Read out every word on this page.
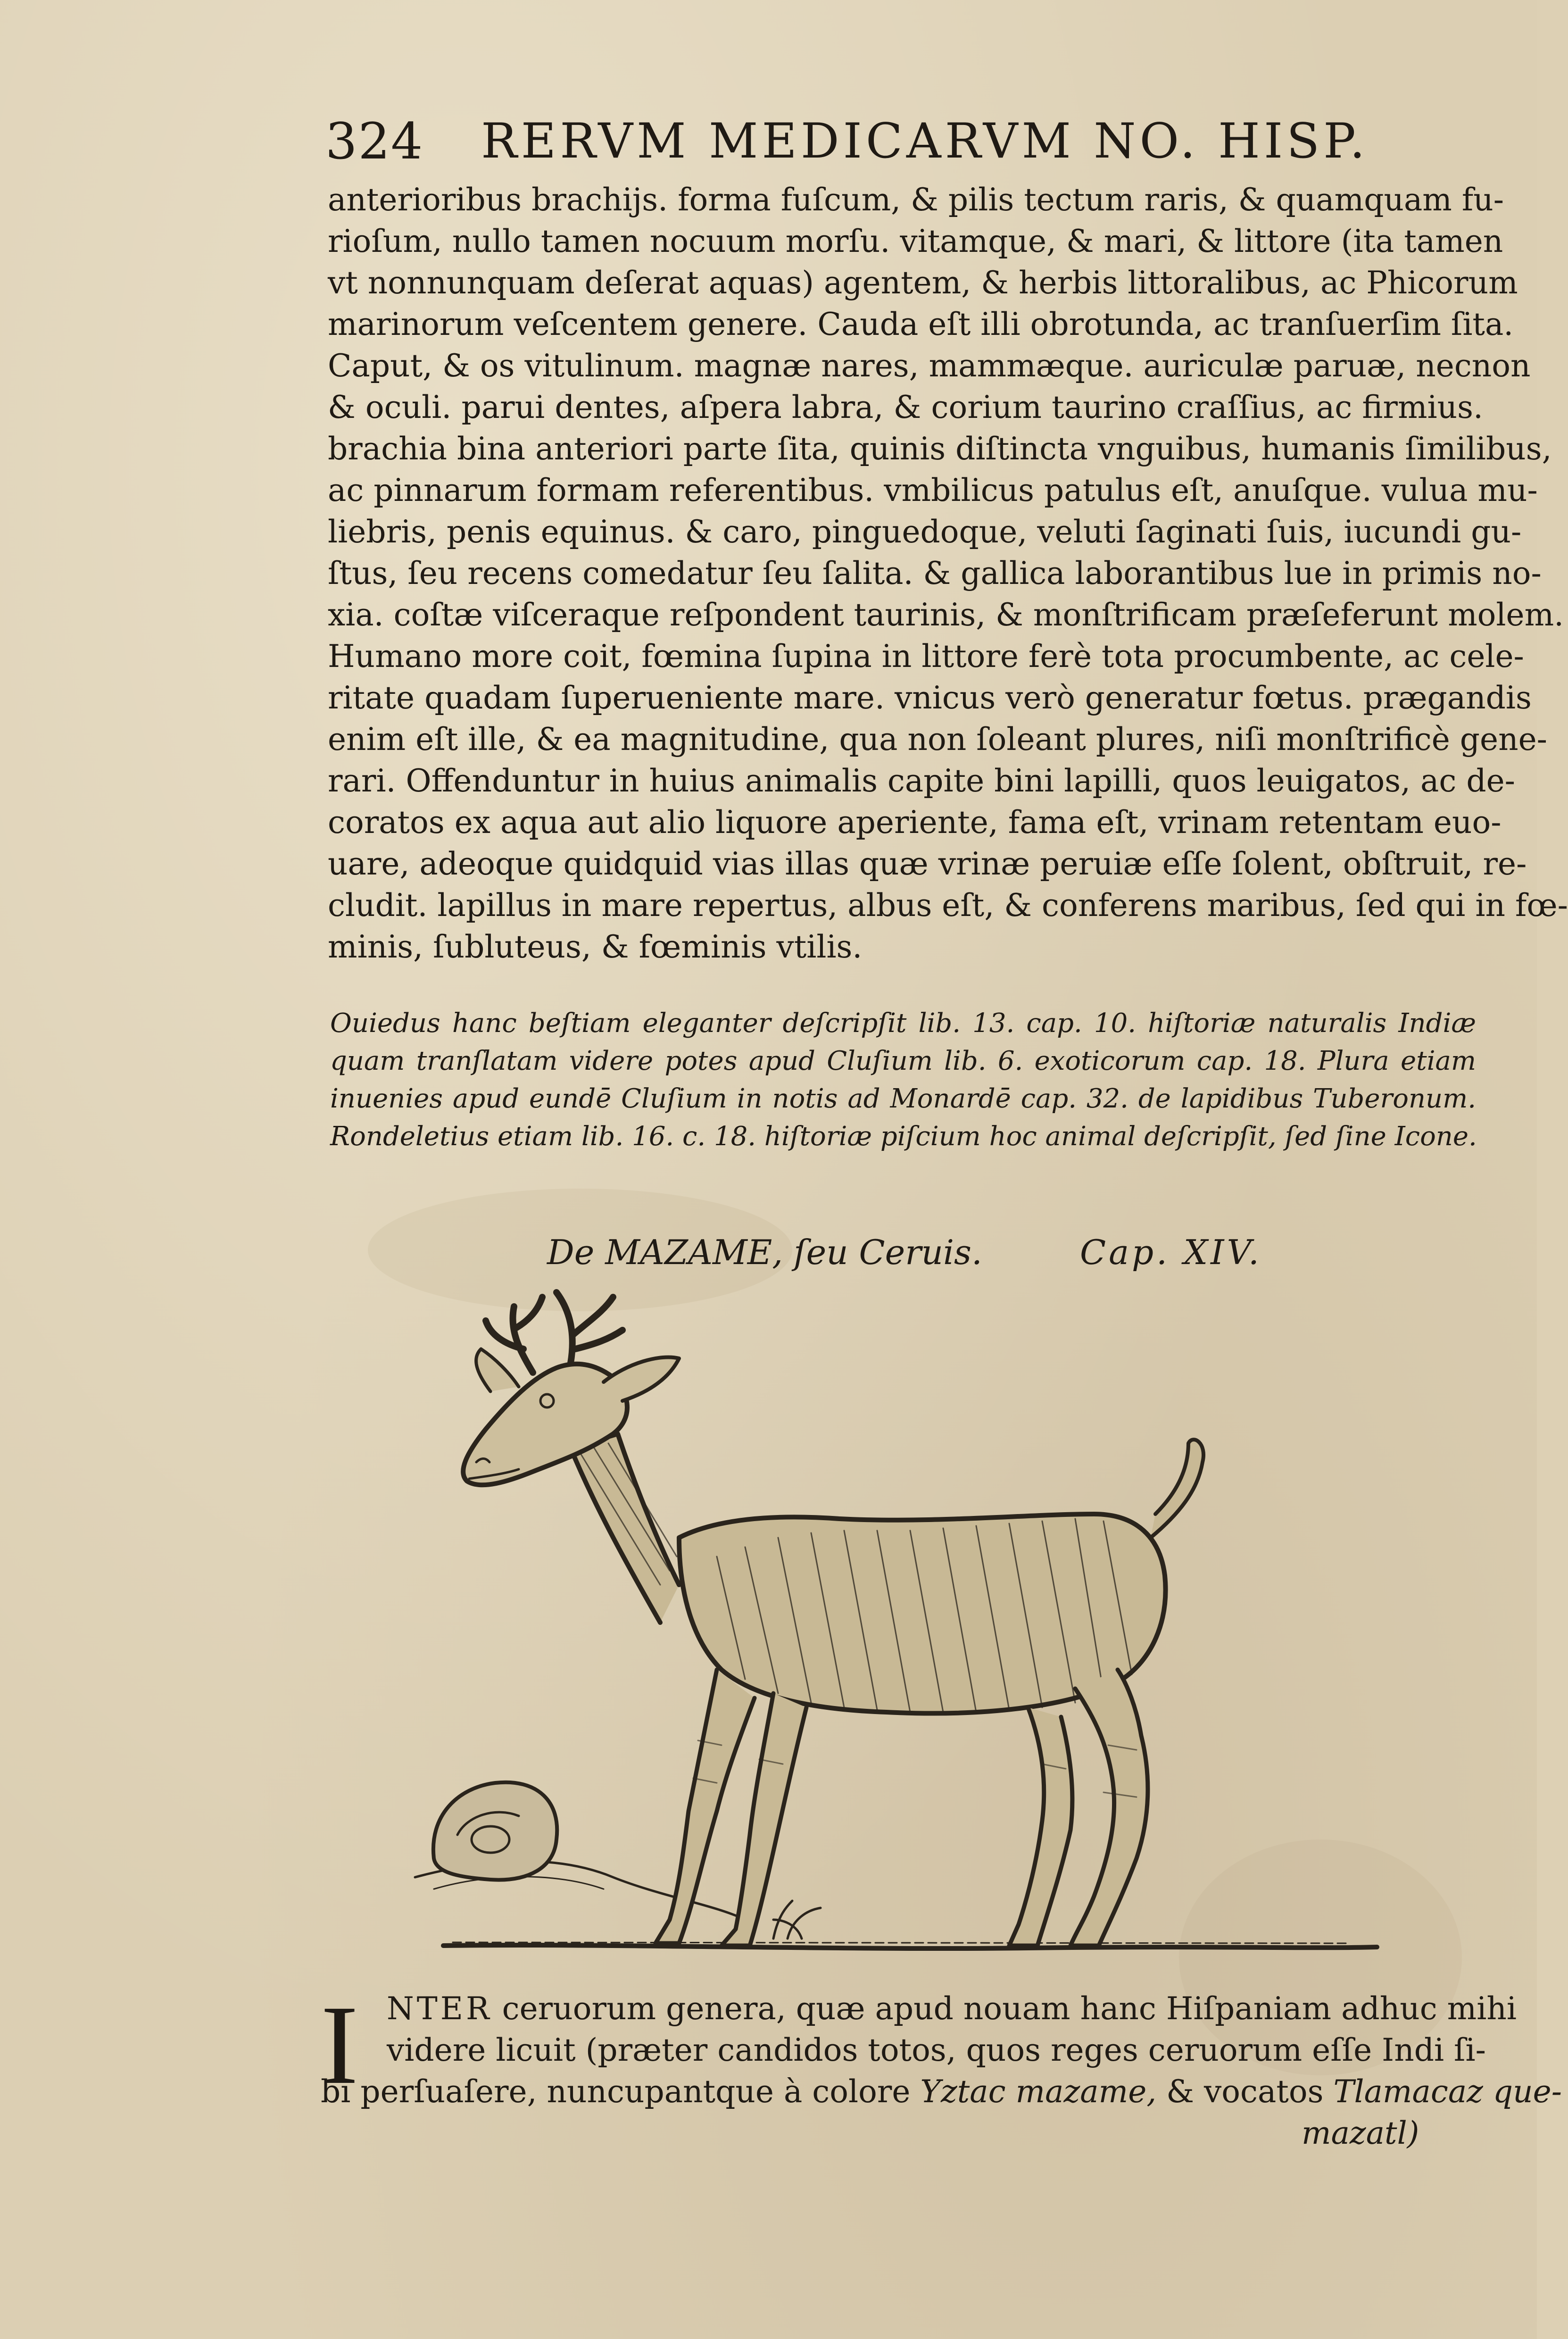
324 RERVM MEDICARVM NO. HISP.
anterioribus brachijs. forma fuſcum, & pilis tectum raris, & quamquam fu-
rioſum, nullo tamen nocuum morſu. vitamque, & mari, & littore (ita tamen
vt nonnunquam deſerat aquas) agentem, & herbis littoralibus, ac Phicorum
marinorum veſcentem genere. Cauda eſt illi obrotunda, ac tranſuerſim ſita.
Caput, & os vitulinum. magnæ nares, mammæque. auriculæ paruæ, necnon
& oculi. parui dentes, aſpera labra, & corium taurino craſſius, ac firmius.
brachia bina anteriori parte ſita, quinis diſtincta vnguibus, humanis ſimilibus,
ac pinnarum formam referentibus. vmbilicus patulus eſt, anuſque. vulua mu-
liebris, penis equinus. & caro, pinguedoque, veluti ſaginati ſuis, iucundi gu-
ſtus, ſeu recens comedatur ſeu ſalita. & gallica laborantibus lue in primis no-
xia. coſtæ viſceraque reſpondent taurinis, & monſtrificam præſeferunt molem.
Humano more coit, fœmina ſupina in littore ferè tota procumbente, ac cele-
ritate quadam ſuperueniente mare. vnicus verò generatur fœtus. prægandis
enim eſt ille, & ea magnitudine, qua non ſoleant plures, niſi monſtrificè gene-
rari. Offenduntur in huius animalis capite bini lapilli, quos leuigatos, ac de-
coratos ex aqua aut alio liquore aperiente, fama eſt, vrinam retentam euo-
uare, adeoque quidquid vias illas quæ vrinæ peruiæ eſſe ſolent, obſtruit, re-
cludit. lapillus in mare repertus, albus eſt, & conferens maribus, ſed qui in fœ-
minis, ſubluteus, & fœminis vtilis.
Ouiedus hanc beſtiam eleganter deſcripſit lib. 13. cap. 10. hiſtoriæ naturalis Indiæ
quam tranſlatam videre potes apud Cluſium lib. 6. exoticorum cap. 18. Plura etiam
inuenies apud eundē Cluſium in notis ad Monardē cap. 32. de lapidibus Tuberonum.
Rondeletius etiam lib. 16. c. 18. hiſtoriæ piſcium hoc animal deſcripſit, ſed ſine Icone.
De MAZAME, ſeu Ceruis.	Cap. XIV.
I NTER ceruorum genera, quæ apud nouam hanc Hiſpaniam adhuc mihi
videre licuit (præter candidos totos, quos reges ceruorum eſſe Indi ſi-
bi perſuaſere, nuncupantque à colore Yztac mazame, & vocatos Tlamacaz que-
mazatl)
